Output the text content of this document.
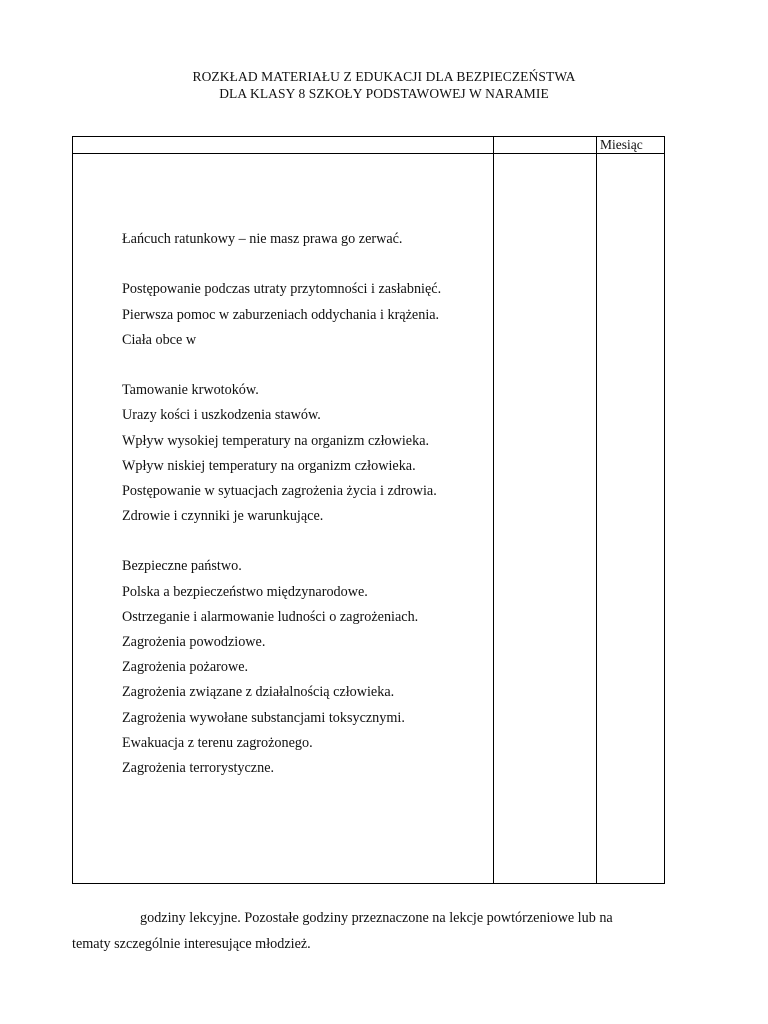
ROZKŁAD MATERIAŁU Z EDUKACJI DLA BEZPIECZEŃSTWA
DLA KLASY 8 SZKOŁY PODSTAWOWEJ W NARAMIE
Miesiąc
Łańcuch ratunkowy – nie masz prawa go zerwać.
Postępowanie podczas utraty przytomności i zasłabnięć.
Pierwsza pomoc w zaburzeniach oddychania i krążenia.
Ciała obce w
Tamowanie krwotoków.
Urazy kości i uszkodzenia stawów.
Wpływ wysokiej temperatury na organizm człowieka.
Wpływ niskiej temperatury na organizm człowieka.
Postępowanie w sytuacjach zagrożenia życia i zdrowia.
Zdrowie i czynniki je warunkujące.
Bezpieczne państwo.
Polska a bezpieczeństwo międzynarodowe.
Ostrzeganie i alarmowanie ludności o zagrożeniach.
Zagrożenia powodziowe.
Zagrożenia pożarowe.
Zagrożenia związane z działalnością człowieka.
Zagrożenia wywołane substancjami toksycznymi.
Ewakuacja z terenu zagrożonego.
Zagrożenia terrorystyczne.
godziny lekcyjne. Pozostałe godziny przeznaczone na lekcje powtórzeniowe lub na
tematy szczególnie interesujące młodzież.
